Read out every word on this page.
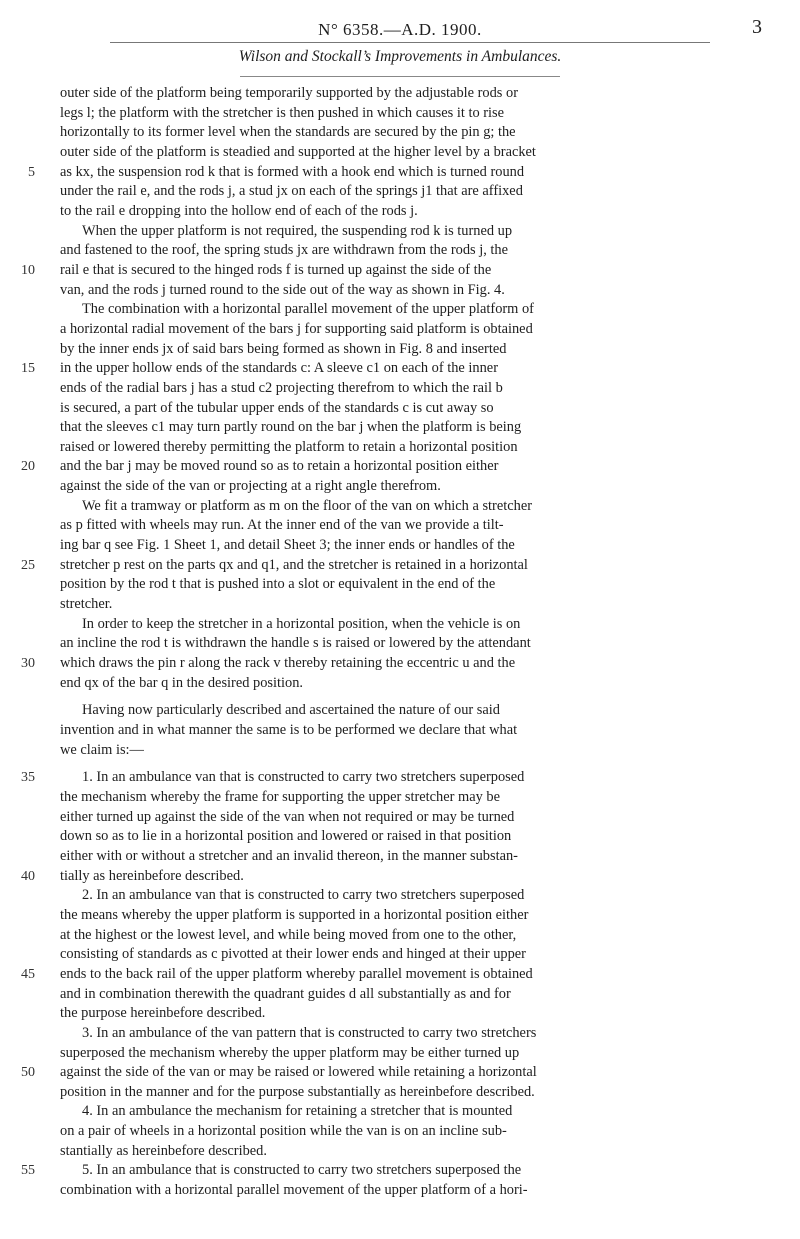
N° 6358.—A.D. 1900.	3
Wilson and Stockall’s Improvements in Ambulances.
outer side of the platform being temporarily supported by the adjustable rods or
legs l; the platform with the stretcher is then pushed in which causes it to rise
horizontally to its former level when the standards are secured by the pin g; the
outer side of the platform is steadied and supported at the higher level by a bracket
5 as kx, the suspension rod k that is formed with a hook end which is turned round
under the rail e, and the rods j, a stud jx on each of the springs j1 that are affixed
to the rail e dropping into the hollow end of each of the rods j.
When the upper platform is not required, the suspending rod k is turned up
and fastened to the roof, the spring studs jx are withdrawn from the rods j, the
10 rail e that is secured to the hinged rods f is turned up against the side of the
van, and the rods j turned round to the side out of the way as shown in Fig. 4.
The combination with a horizontal parallel movement of the upper platform of
a horizontal radial movement of the bars j for supporting said platform is obtained
by the inner ends jx of said bars being formed as shown in Fig. 8 and inserted
15 in the upper hollow ends of the standards c: A sleeve c1 on each of the inner
ends of the radial bars j has a stud c2 projecting therefrom to which the rail b
is secured, a part of the tubular upper ends of the standards c is cut away so
that the sleeves c1 may turn partly round on the bar j when the platform is being
raised or lowered thereby permitting the platform to retain a horizontal position
20 and the bar j may be moved round so as to retain a horizontal position either
against the side of the van or projecting at a right angle therefrom.
We fit a tramway or platform as m on the floor of the van on which a stretcher
as p fitted with wheels may run. At the inner end of the van we provide a tilt-
ing bar q see Fig. 1 Sheet 1, and detail Sheet 3; the inner ends or handles of the
25 stretcher p rest on the parts qx and q1, and the stretcher is retained in a horizontal
position by the rod t that is pushed into a slot or equivalent in the end of the
stretcher.
In order to keep the stretcher in a horizontal position, when the vehicle is on
an incline the rod t is withdrawn the handle s is raised or lowered by the attendant
30 which draws the pin r along the rack v thereby retaining the eccentric u and the
end qx of the bar q in the desired position.
Having now particularly described and ascertained the nature of our said
invention and in what manner the same is to be performed we declare that what
we claim is:—
35	1. In an ambulance van that is constructed to carry two stretchers superposed
the mechanism whereby the frame for supporting the upper stretcher may be
either turned up against the side of the van when not required or may be turned
down so as to lie in a horizontal position and lowered or raised in that position
either with or without a stretcher and an invalid thereon, in the manner substan-
40 tially as hereinbefore described.
2. In an ambulance van that is constructed to carry two stretchers superposed
the means whereby the upper platform is supported in a horizontal position either
at the highest or the lowest level, and while being moved from one to the other,
consisting of standards as c pivotted at their lower ends and hinged at their upper
45 ends to the back rail of the upper platform whereby parallel movement is obtained
and in combination therewith the quadrant guides d all substantially as and for
the purpose hereinbefore described.
3. In an ambulance of the van pattern that is constructed to carry two stretchers
superposed the mechanism whereby the upper platform may be either turned up
50 against the side of the van or may be raised or lowered while retaining a horizontal
position in the manner and for the purpose substantially as hereinbefore described.
4. In an ambulance the mechanism for retaining a stretcher that is mounted
on a pair of wheels in a horizontal position while the van is on an incline sub-
stantially as hereinbefore described.
55	5. In an ambulance that is constructed to carry two stretchers superposed the
combination with a horizontal parallel movement of the upper platform of a hori-
